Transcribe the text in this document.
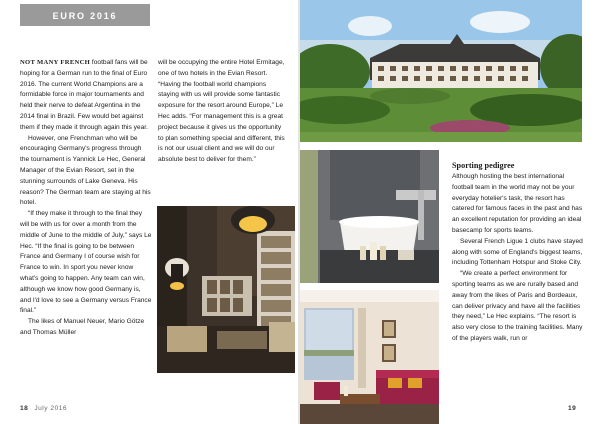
EURO 2016

NOT MANY FRENCH football fans will be hoping for a German run to the final of Euro 2016. The current World Champions are a formidable force in major tournaments and held their nerve to defeat Argentina in the 2014 final in Brazil. Few would bet against them if they made it through again this year.

However, one Frenchman who will be encouraging Germany's progress through the tournament is Yannick Le Hec, General Manager of the Evian Resort, set in the stunning surrounds of Lake Geneva. His reason? The German team are staying at his hotel.

“If they make it through to the final they will be with us for over a month from the middle of June to the middle of July,” says Le Hec. “If the final is going to be between France and Germany I of course wish for France to win. In sport you never know what's going to happen. Any team can win, although we know how good Germany is, and I'd love to see a Germany versus France final.”

The likes of Manuel Neuer, Mario Götze and Thomas Müller

will be occupying the entire Hotel Ermitage, one of two hotels in the Evian Resort. “Having the football world champions staying with us will provide some fantastic exposure for the resort around Europe,” Le Hec adds. “For management this is a great project because it gives us the opportunity to plan something special and different, this is not our usual client and we will do our absolute best to deliver for them.”

18 July 2016

Sporting pedigree

Although hosting the best international football team in the world may not be your everyday hotelier's task, the resort has catered for famous faces in the past and has an excellent reputation for providing an ideal basecamp for sports teams.

Several French Ligue 1 clubs have stayed along with some of England's biggest teams, including Tottenham Hotspur and Stoke City.

“We create a perfect environment for sporting teams as we are rurally based and away from the likes of Paris and Bordeaux, can deliver privacy and have all the facilities they need,” Le Hec explains. “The resort is also very close to the training facilities. Many of the players walk, run or

19
